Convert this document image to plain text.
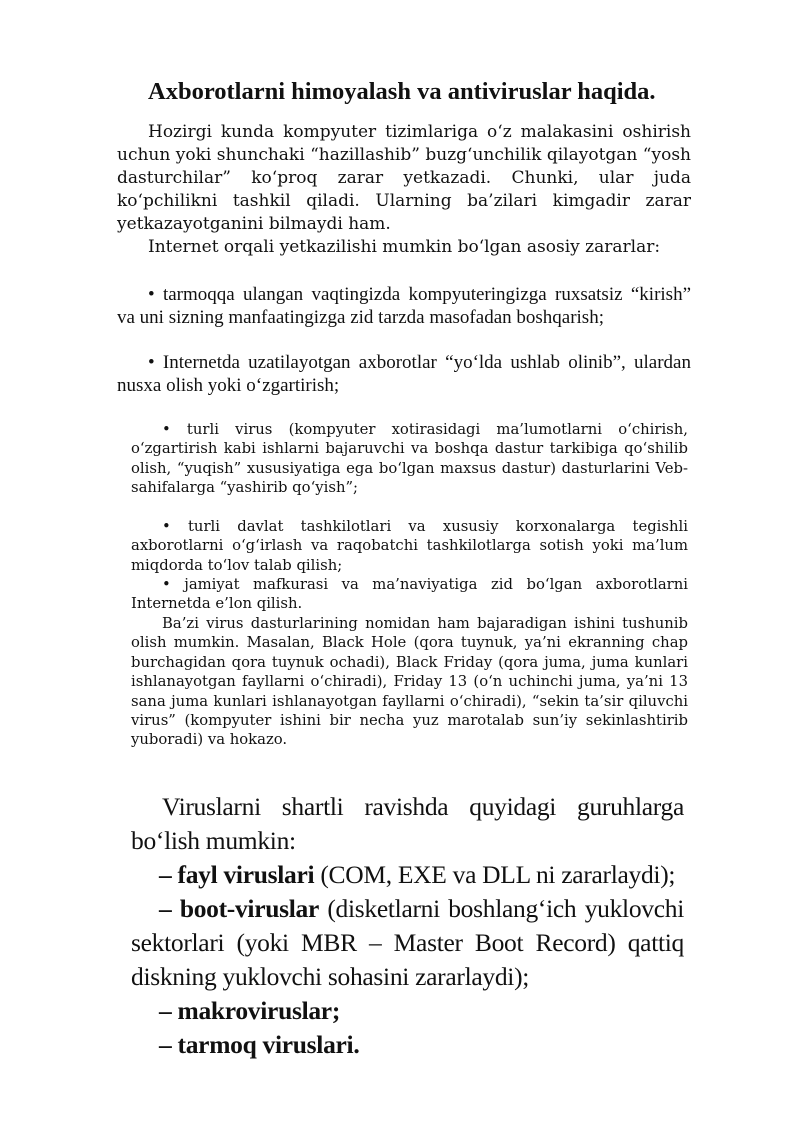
Axborotlarni himoyalash va antiviruslar haqida.

Hozirgi kunda kompyuter tizimlariga o‘z malakasini oshirish uchun yoki shunchaki “hazillashib” buzg‘unchilik qilayotgan “yosh dasturchilar” ko‘proq zarar yetkazadi. Chunki, ular juda ko‘pchilikni tashkil qiladi. Ularning ba’zilari kimgadir zarar yetkazayotganini bilmaydi ham.

Internet orqali yetkazilishi mumkin bo‘lgan asosiy zararlar:

• tarmoqqa ulangan vaqtingizda kompyuteringizga ruxsatsiz “kirish” va uni sizning manfaatingizga zid tarzda masofadan boshqarish;

• Internetda uzatilayotgan axborotlar “yo‘lda ushlab olinib”, ulardan nusxa olish yoki o‘zgartirish;

• turli virus (kompyuter xotirasidagi ma’lumotlarni o‘chirish, o‘zgartirish kabi ishlarni bajaruvchi va boshqa dastur tarkibiga qo‘shilib olish, “yuqish” xususiyatiga ega bo‘lgan maxsus dastur) dasturlarini Veb-sahifalarga “yashirib qo‘yish”;

• turli davlat tashkilotlari va xususiy korxonalarga tegishli axborotlarni o‘g‘irlash va raqobatchi tashkilotlarga sotish yoki ma’lum miqdorda to‘lov talab qilish;

• jamiyat mafkurasi va ma’naviyatiga zid bo‘lgan axborotlarni Internetda e’lon qilish.

Ba’zi virus dasturlarining nomidan ham bajaradigan ishini tushunib olish mumkin. Masalan, Black Hole (qora tuynuk, ya’ni ekranning chap burchagidan qora tuynuk ochadi), Black Friday (qora juma, juma kunlari ishlanayotgan fayllarni o‘chiradi), Friday 13 (o‘n uchinchi juma, ya’ni 13 sana juma kunlari ishlanayotgan fayllarni o‘chiradi), “sekin ta’sir qiluvchi virus” (kompyuter ishini bir necha yuz marotalab sun’iy sekinlashtirib yuboradi) va hokazo.

Viruslarni shartli ravishda quyidagi guruhlarga bo‘lish mumkin:

– fayl viruslari (COM, EXE va DLL ni zararlaydi);

– boot-viruslar (disketlarni boshlang‘ich yuklovchi sektorlari (yoki MBR – Master Boot Record) qattiq diskning yuklovchi sohasini zararlaydi);

– makroviruslar;

– tarmoq viruslari.
